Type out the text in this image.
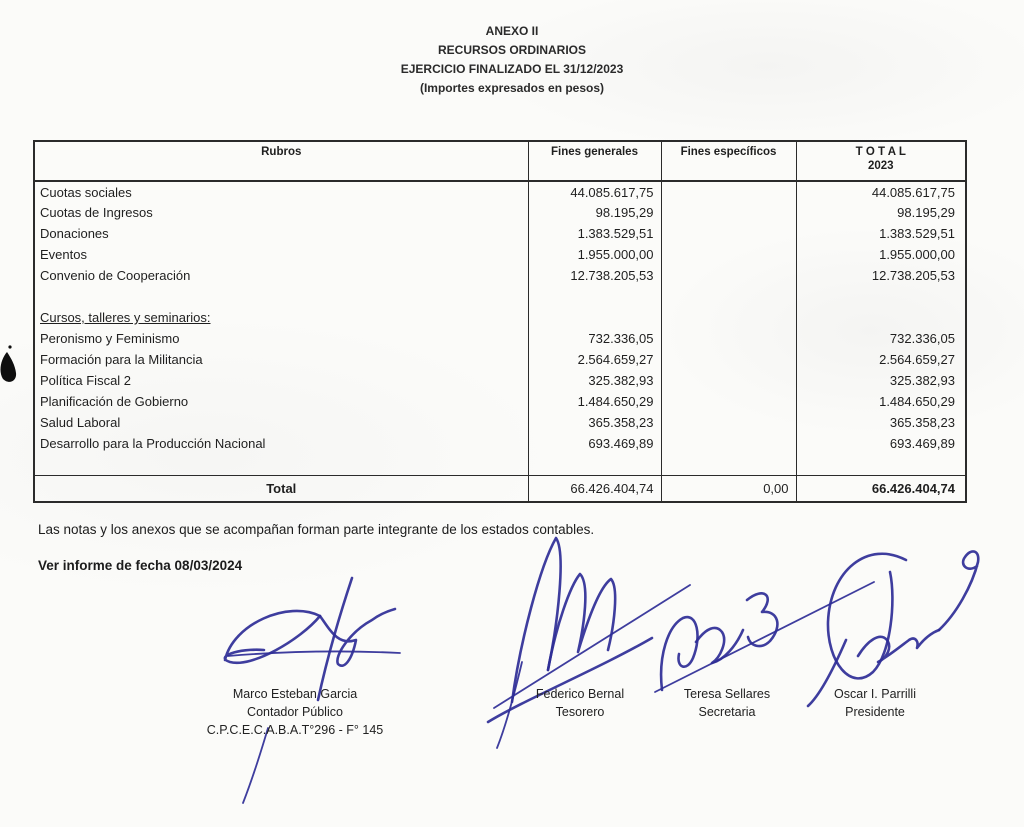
ANEXO II
RECURSOS ORDINARIOS
EJERCICIO FINALIZADO EL 31/12/2023
(Importes expresados en pesos)
Rubros	Fines generales	Fines específicos	T O T A L
2023

Cuotas sociales	44.085.617,75		44.085.617,75
Cuotas de Ingresos	98.195,29		98.195,29
Donaciones	1.383.529,51		1.383.529,51
Eventos	1.955.000,00		1.955.000,00
Convenio de Cooperación	12.738.205,53		12.738.205,53

Cursos, talleres y seminarios:			
Peronismo y Feminismo	732.336,05		732.336,05
Formación para la Militancia	2.564.659,27		2.564.659,27
Política Fiscal 2	325.382,93		325.382,93
Planificación de Gobierno	1.484.650,29		1.484.650,29
Salud Laboral	365.358,23		365.358,23
Desarrollo para la Producción Nacional	693.469,89		693.469,89

Total	66.426.404,74	0,00	66.426.404,74
Las notas y los anexos que se acompañan forman parte integrante de los estados contables.
Ver informe de fecha 08/03/2024
Marco Esteban Garcia
Contador Público
C.P.C.E.C.A.B.A.T°296 - F° 145
Federico Bernal
Tesorero
Teresa Sellares
Secretaria
Oscar I. Parrilli
Presidente
